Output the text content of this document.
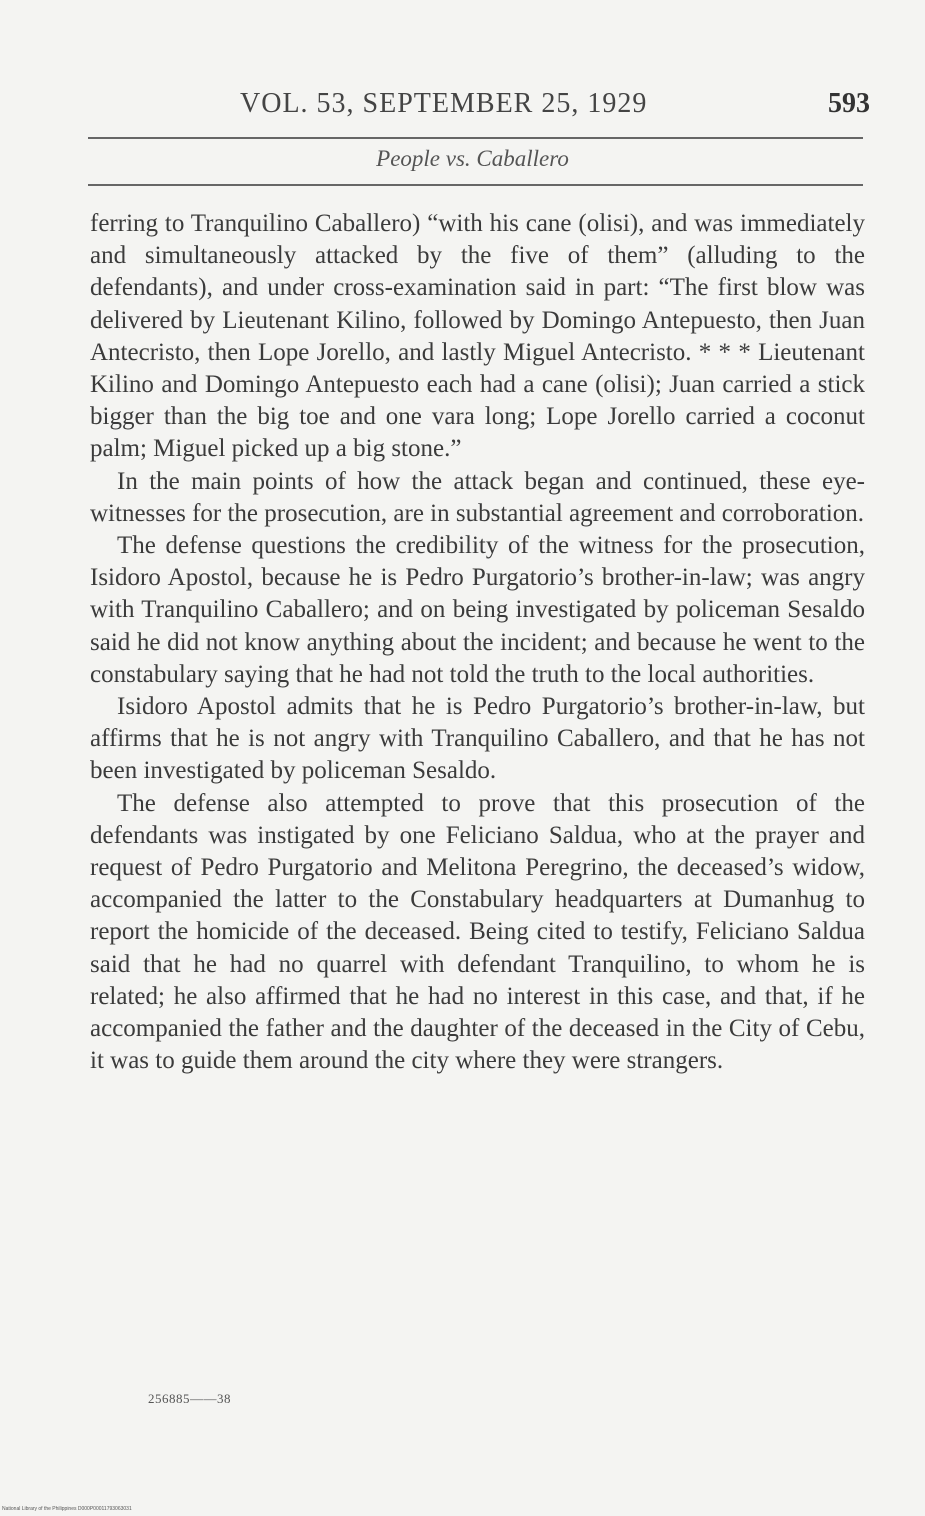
VOL. 53, SEPTEMBER 25, 1929	593
People vs. Caballero

ferring to Tranquilino Caballero) “with his cane (olisi), and was immediately and simultaneously attacked by the five of them” (alluding to the defendants), and under cross-examination said in part: “The first blow was delivered by Lieutenant Kilino, followed by Domingo Antepuesto, then Juan Antecristo, then Lope Jorello, and lastly Miguel Antecristo. * * * Lieutenant Kilino and Domingo Antepuesto each had a cane (olisi); Juan carried a stick bigger than the big toe and one vara long; Lope Jorello carried a coconut palm; Miguel picked up a big stone.”

In the main points of how the attack began and continued, these eye-witnesses for the prosecution, are in substantial agreement and corroboration.

The defense questions the credibility of the witness for the prosecution, Isidoro Apostol, because he is Pedro Purgatorio’s brother-in-law; was angry with Tranquilino Caballero; and on being investigated by policeman Sesaldo said he did not know anything about the incident; and because he went to the constabulary saying that he had not told the truth to the local authorities.

Isidoro Apostol admits that he is Pedro Purgatorio’s brother-in-law, but affirms that he is not angry with Tranquilino Caballero, and that he has not been investigated by policeman Sesaldo.

The defense also attempted to prove that this prosecution of the defendants was instigated by one Feliciano Saldua, who at the prayer and request of Pedro Purgatorio and Melitona Peregrino, the deceased’s widow, accompanied the latter to the Constabulary headquarters at Dumanhug to report the homicide of the deceased. Being cited to testify, Feliciano Saldua said that he had no quarrel with defendant Tranquilino, to whom he is related; he also affirmed that he had no interest in this case, and that, if he accompanied the father and the daughter of the deceased in the City of Cebu, it was to guide them around the city where they were strangers.

256885——38
National Library of the Philippines D000P00011793063031
